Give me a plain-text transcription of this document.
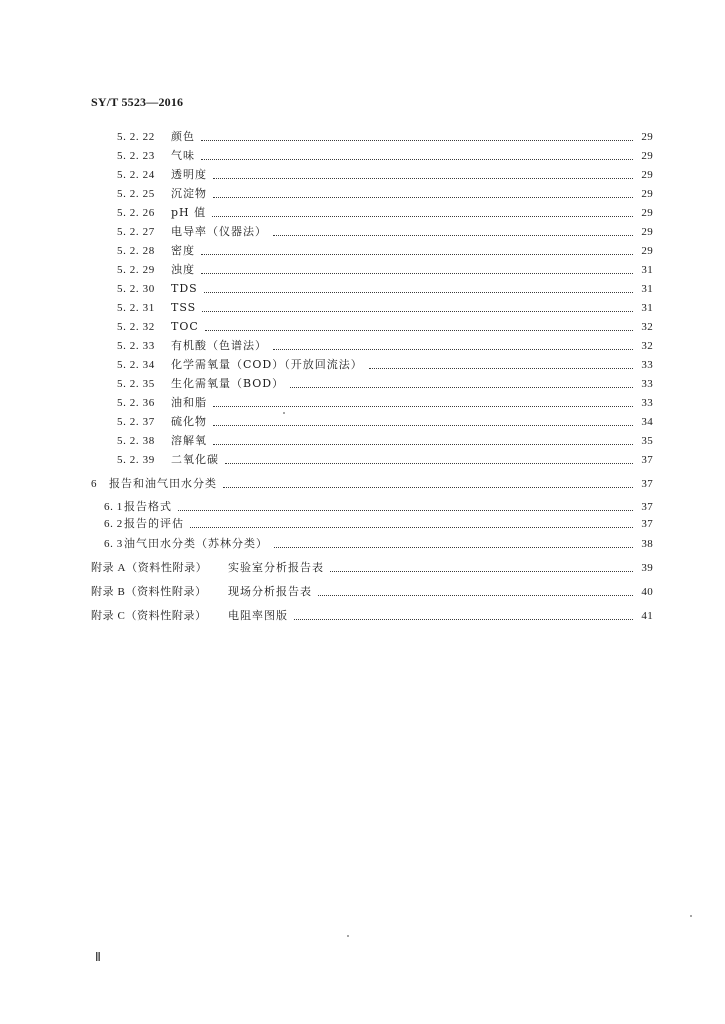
SY/T 5523—2016
5. 2. 22	颜色	29
5. 2. 23	气味	29
5. 2. 24	透明度	29
5. 2. 25	沉淀物	29
5. 2. 26	pH 值	29
5. 2. 27	电导率（仪器法）	29
5. 2. 28	密度	29
5. 2. 29	浊度	31
5. 2. 30	TDS	31
5. 2. 31	TSS	31
5. 2. 32	TOC	32
5. 2. 33	有机酸（色谱法）	32
5. 2. 34	化学需氧量（COD）（开放回流法）	33
5. 2. 35	生化需氧量（BOD）	33
5. 2. 36	油和脂	33
5. 2. 37	硫化物	34
5. 2. 38	溶解氧	35
5. 2. 39	二氧化碳	37
6	报告和油气田水分类	37
6. 1 报告格式	37
6. 2 报告的评估	37
6. 3 油气田水分类（苏林分类）	38
附录 A（资料性附录）	实验室分析报告表	39
附录 B（资料性附录）	现场分析报告表	40
附录 C（资料性附录）	电阻率图版	41
Ⅱ
